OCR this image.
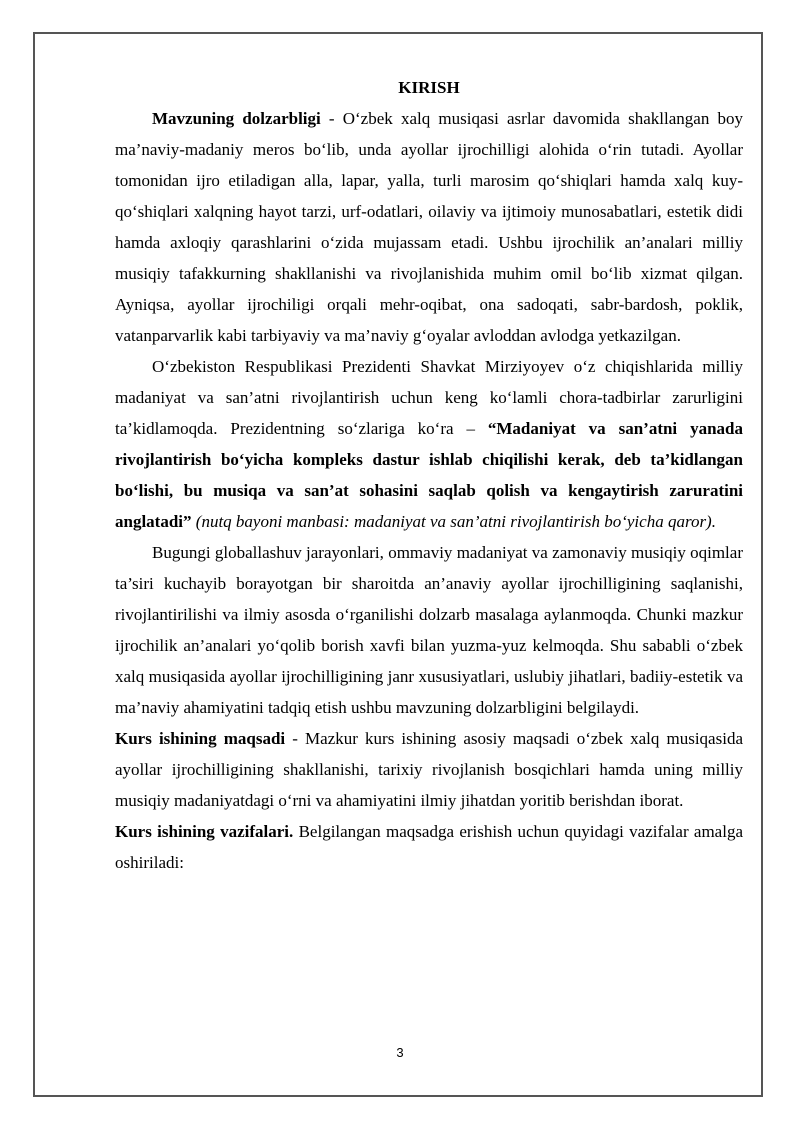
KIRISH

Mavzuning dolzarbligi - O‘zbek xalq musiqasi asrlar davomida shakllangan boy ma’naviy-madaniy meros bo‘lib, unda ayollar ijrochilligi alohida o‘rin tutadi. Ayollar tomonidan ijro etiladigan alla, lapar, yalla, turli marosim qo‘shiqlari hamda xalq kuy-qo‘shiqlari xalqning hayot tarzi, urf-odatlari, oilaviy va ijtimoiy munosabatlari, estetik didi hamda axloqiy qarashlarini o‘zida mujassam etadi. Ushbu ijrochilik an’analari milliy musiqiy tafakkurning shakllanishi va rivojlanishida muhim omil bo‘lib xizmat qilgan. Ayniqsa, ayollar ijrochiligi orqali mehr-oqibat, ona sadoqati, sabr-bardosh, poklik, vatanparvarlik kabi tarbiyaviy va ma’naviy g‘oyalar avloddan avlodga yetkazilgan.

O‘zbekiston Respublikasi Prezidenti Shavkat Mirziyoyev o‘z chiqishlarida milliy madaniyat va san’atni rivojlantirish uchun keng ko‘lamli chora-tadbirlar zarurligini ta’kidlamoqda. Prezidentning so‘zlariga ko‘ra – “Madaniyat va san’atni yanada rivojlantirish bo‘yicha kompleks dastur ishlab chiqilishi kerak, deb ta’kidlangan bo‘lishi, bu musiqa va san’at sohasini saqlab qolish va kengaytirish zaruratini anglatadi” (nutq bayoni manbasi: madaniyat va san’atni rivojlantirish bo‘yicha qaror).

Bugungi globallashuv jarayonlari, ommaviy madaniyat va zamonaviy musiqiy oqimlar ta’siri kuchayib borayotgan bir sharoitda an’anaviy ayollar ijrochilligining saqlanishi, rivojlantirilishi va ilmiy asosda o‘rganilishi dolzarb masalaga aylanmoqda. Chunki mazkur ijrochilik an’analari yo‘qolib borish xavfi bilan yuzma-yuz kelmoqda. Shu sababli o‘zbek xalq musiqasida ayollar ijrochilligining janr xususiyatlari, uslubiy jihatlari, badiiy-estetik va ma’naviy ahamiyatini tadqiq etish ushbu mavzuning dolzarbligini belgilaydi.

Kurs ishining maqsadi - Mazkur kurs ishining asosiy maqsadi o‘zbek xalq musiqasida ayollar ijrochilligining shakllanishi, tarixiy rivojlanish bosqichlari hamda uning milliy musiqiy madaniyatdagi o‘rni va ahamiyatini ilmiy jihatdan yoritib berishdan iborat.

Kurs ishining vazifalari. Belgilangan maqsadga erishish uchun quyidagi vazifalar amalga oshiriladi:

3
